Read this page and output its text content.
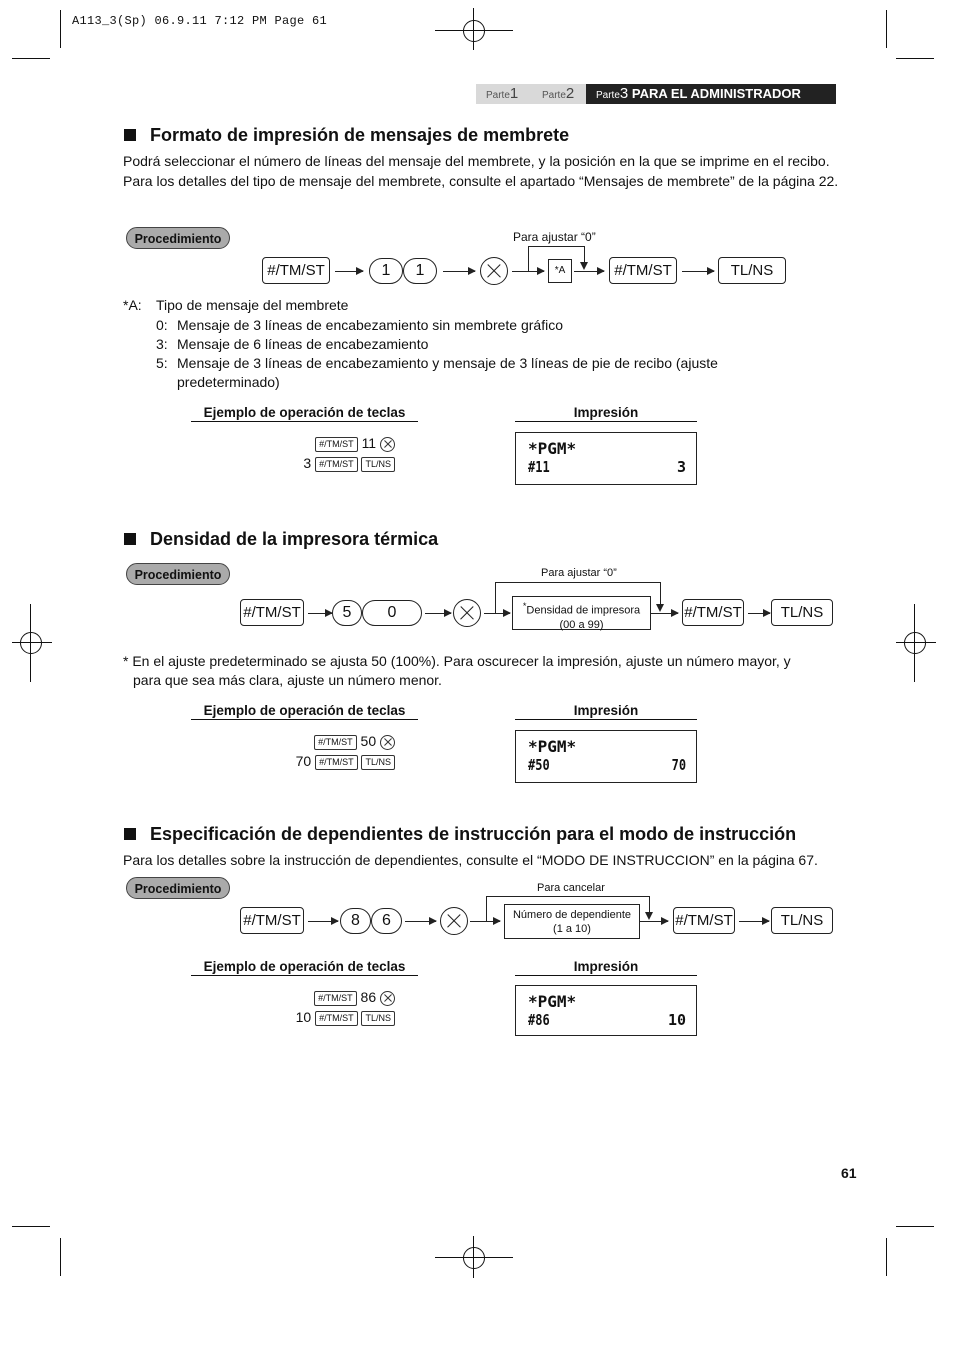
A113_3(Sp) 06.9.11 7:12 PM Page 61
Parte1	Parte2	Parte3 PARA EL ADMINISTRADOR
Formato de impresión de mensajes de membrete
Podrá seleccionar el número de líneas del mensaje del membrete, y la posición en la que se imprime en el recibo. Para los detalles del tipo de mensaje del membrete, consulte el apartado “Mensajes de membrete” de la página 22.
Procedimiento	Para ajustar “0”
#/TM/ST	1	1	*A	#/TM/ST	TL/NS
*A: Tipo de mensaje del membrete
0: Mensaje de 3 líneas de encabezamiento sin membrete gráfico
3: Mensaje de 6 líneas de encabezamiento
5: Mensaje de 3 líneas de encabezamiento y mensaje de 3 líneas de pie de recibo (ajuste
predeterminado)
Ejemplo de operación de teclas	Impresión
#/TM/ST 11
3 #/TM/ST TL/NS
*PGM*
#11	3
Densidad de la impresora térmica
Procedimiento	Para ajustar “0”
#/TM/ST	5	0	*Densidad de impresora
(00 a 99)
#/TM/ST	TL/NS
* En el ajuste predeterminado se ajusta 50 (100%). Para oscurecer la impresión, ajuste un número mayor, y
para que sea más clara, ajuste un número menor.
Ejemplo de operación de teclas	Impresión
#/TM/ST 50
70 #/TM/ST TL/NS
*PGM*
#50	70
Especificación de dependientes de instrucción para el modo de instrucción
Para los detalles sobre la instrucción de dependientes, consulte el “MODO DE INSTRUCCION” en la página 67.
Procedimiento	Para cancelar
#/TM/ST	8	6	Número de dependiente
(1 a 10)	#/TM/ST	TL/NS
Ejemplo de operación de teclas	Impresión
#/TM/ST 86
10 #/TM/ST TL/NS
*PGM*
#86	10
61
